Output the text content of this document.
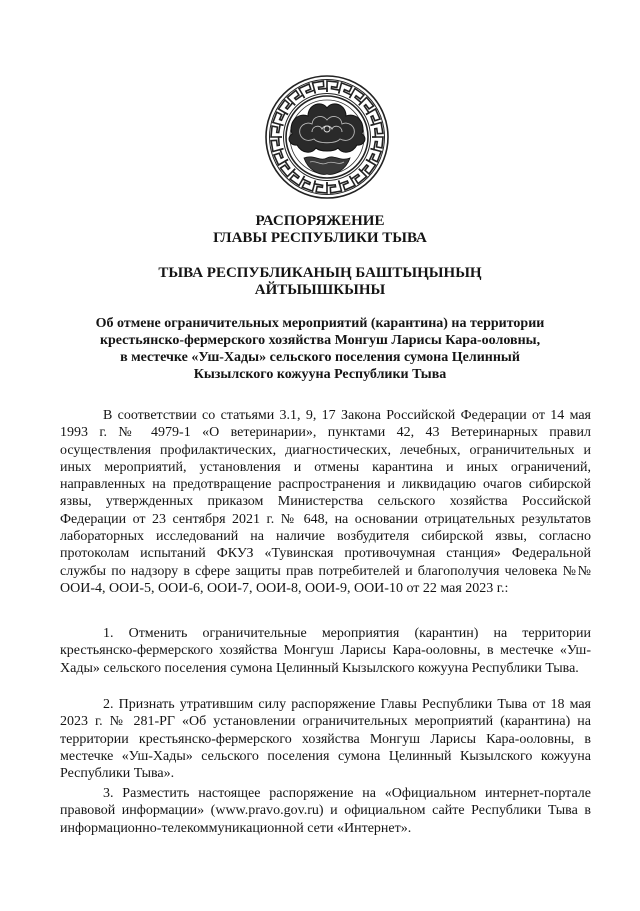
РАСПОРЯЖЕНИЕ
ГЛАВЫ РЕСПУБЛИКИ ТЫВА
ТЫВА РЕСПУБЛИКАНЫҢ БАШТЫҢЫНЫҢ
АЙТЫЫШКЫНЫ
Об отмене ограничительных мероприятий (карантина) на территории
крестьянско-фермерского хозяйства Монгуш Ларисы Кара-ооловны,
в местечке «Уш-Хады» сельского поселения сумона Целинный
Кызылского кожууна Республики Тыва

В соответствии со статьями 3.1, 9, 17 Закона Российской Федерации от 14 мая 1993 г. № 4979-1 «О ветеринарии», пунктами 42, 43 Ветеринарных правил осуществления профилактических, диагностических, лечебных, ограничительных и иных мероприятий, установления и отмены карантина и иных ограничений, направленных на предотвращение распространения и ликвидацию очагов сибирской язвы, утвержденных приказом Министерства сельского хозяйства Российской Федерации от 23 сентября 2021 г. № 648, на основании отрицательных результатов лабораторных исследований на наличие возбудителя сибирской язвы, согласно протоколам испытаний ФКУЗ «Тувинская противочумная станция» Федеральной службы по надзору в сфере защиты прав потребителей и благополучия человека №№ ООИ-4, ООИ-5, ООИ-6, ООИ-7, ООИ-8, ООИ-9, ООИ-10 от 22 мая 2023 г.:

1. Отменить ограничительные мероприятия (карантин) на территории крестьянско-фермерского хозяйства Монгуш Ларисы Кара-ооловны, в местечке «Уш-Хады» сельского поселения сумона Целинный Кызылского кожууна Республики Тыва.

2. Признать утратившим силу распоряжение Главы Республики Тыва от 18 мая 2023 г. № 281-РГ «Об установлении ограничительных мероприятий (карантина) на территории крестьянско-фермерского хозяйства Монгуш Ларисы Кара-ооловны, в местечке «Уш-Хады» сельского поселения сумона Целинный Кызылского кожууна Республики Тыва».

3. Разместить настоящее распоряжение на «Официальном интернет-портале правовой информации» (www.pravo.gov.ru) и официальном сайте Республики Тыва в информационно-телекоммуникационной сети «Интернет».
